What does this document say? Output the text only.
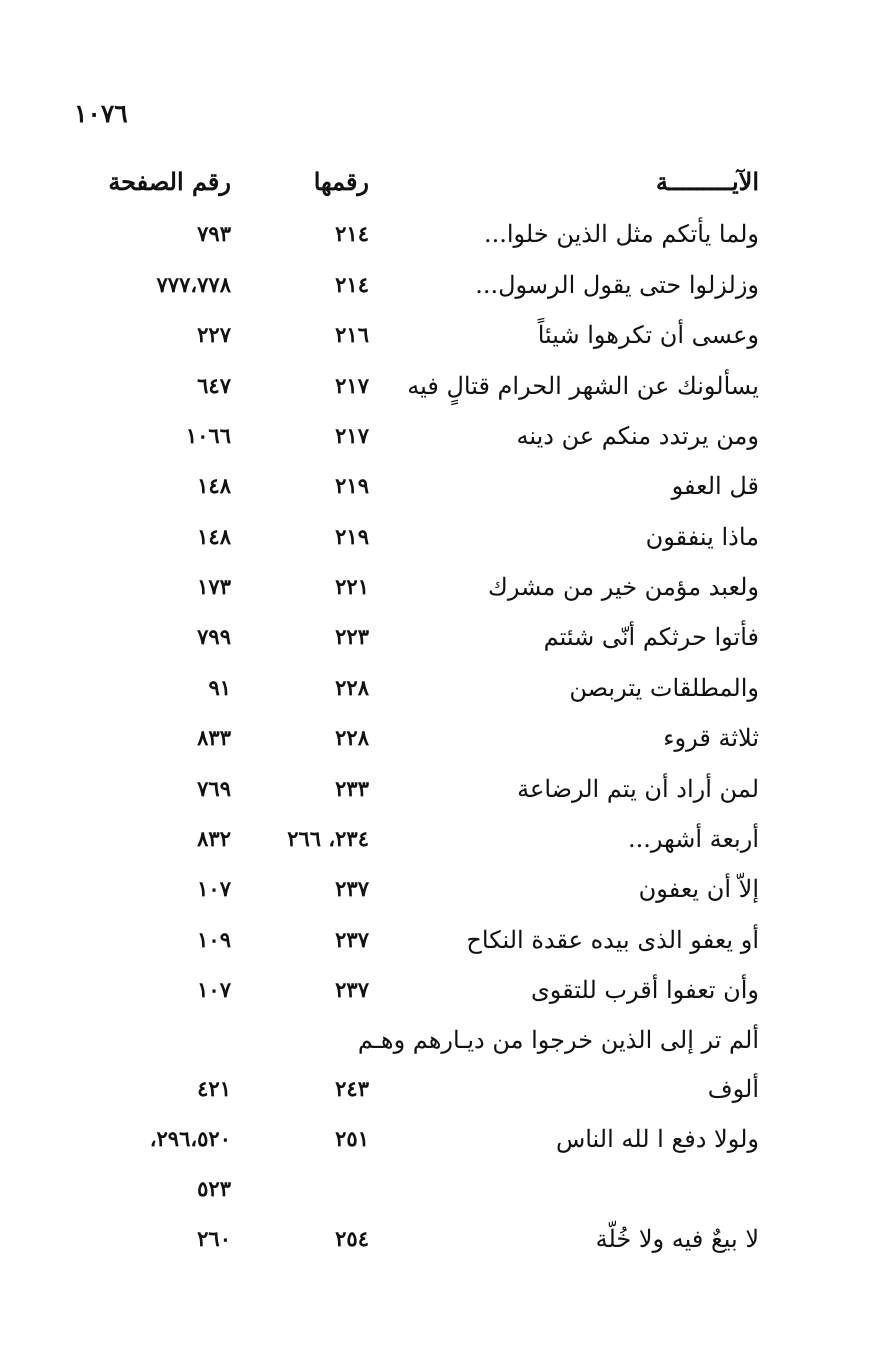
١٠٧٦
الآيـــــــــة
رقمها
رقم الصفحة
ولما يأتكم مثل الذين خلوا...
٢١٤
٧٩٣
وزلزلوا حتى يقول الرسول...
٢١٤
٧٧٧،٧٧٨
وعسى أن تكرهوا شيئاً
٢١٦
٢٢٧
يسألونك عن الشهر الحرام قتالٍ فيه
٢١٧
٦٤٧
ومن يرتدد منكم عن دينه
٢١٧
١٠٦٦
قل العفو
٢١٩
١٤٨
ماذا ينفقون
٢١٩
١٤٨
ولعبد مؤمن خير من مشرك
٢٢١
١٧٣
فأتوا حرثكم أنّى شئتم
٢٢٣
٧٩٩
والمطلقات يتربصن
٢٢٨
٩١
ثلاثة قروء
٢٢٨
٨٣٣
لمن أراد أن يتم الرضاعة
٢٣٣
٧٦٩
أربعة أشهر...
٢٣٤، ٢٦٦
٨٣٢
إلاّ أن يعفون
٢٣٧
١٠٧
أو يعفو الذى بيده عقدة النكاح
٢٣٧
١٠٩
وأن تعفوا أقرب للتقوى
٢٣٧
١٠٧
ألم تر إلى الذين خرجوا من ديـارهم وهـم
ألوف
٢٤٣
٤٢١
ولولا دفع ا لله الناس
٢٥١
٢٩٦،٥٢٠،
٥٢٣
لا بيعٌ فيه ولا خُلّة
٢٥٤
٢٦٠
